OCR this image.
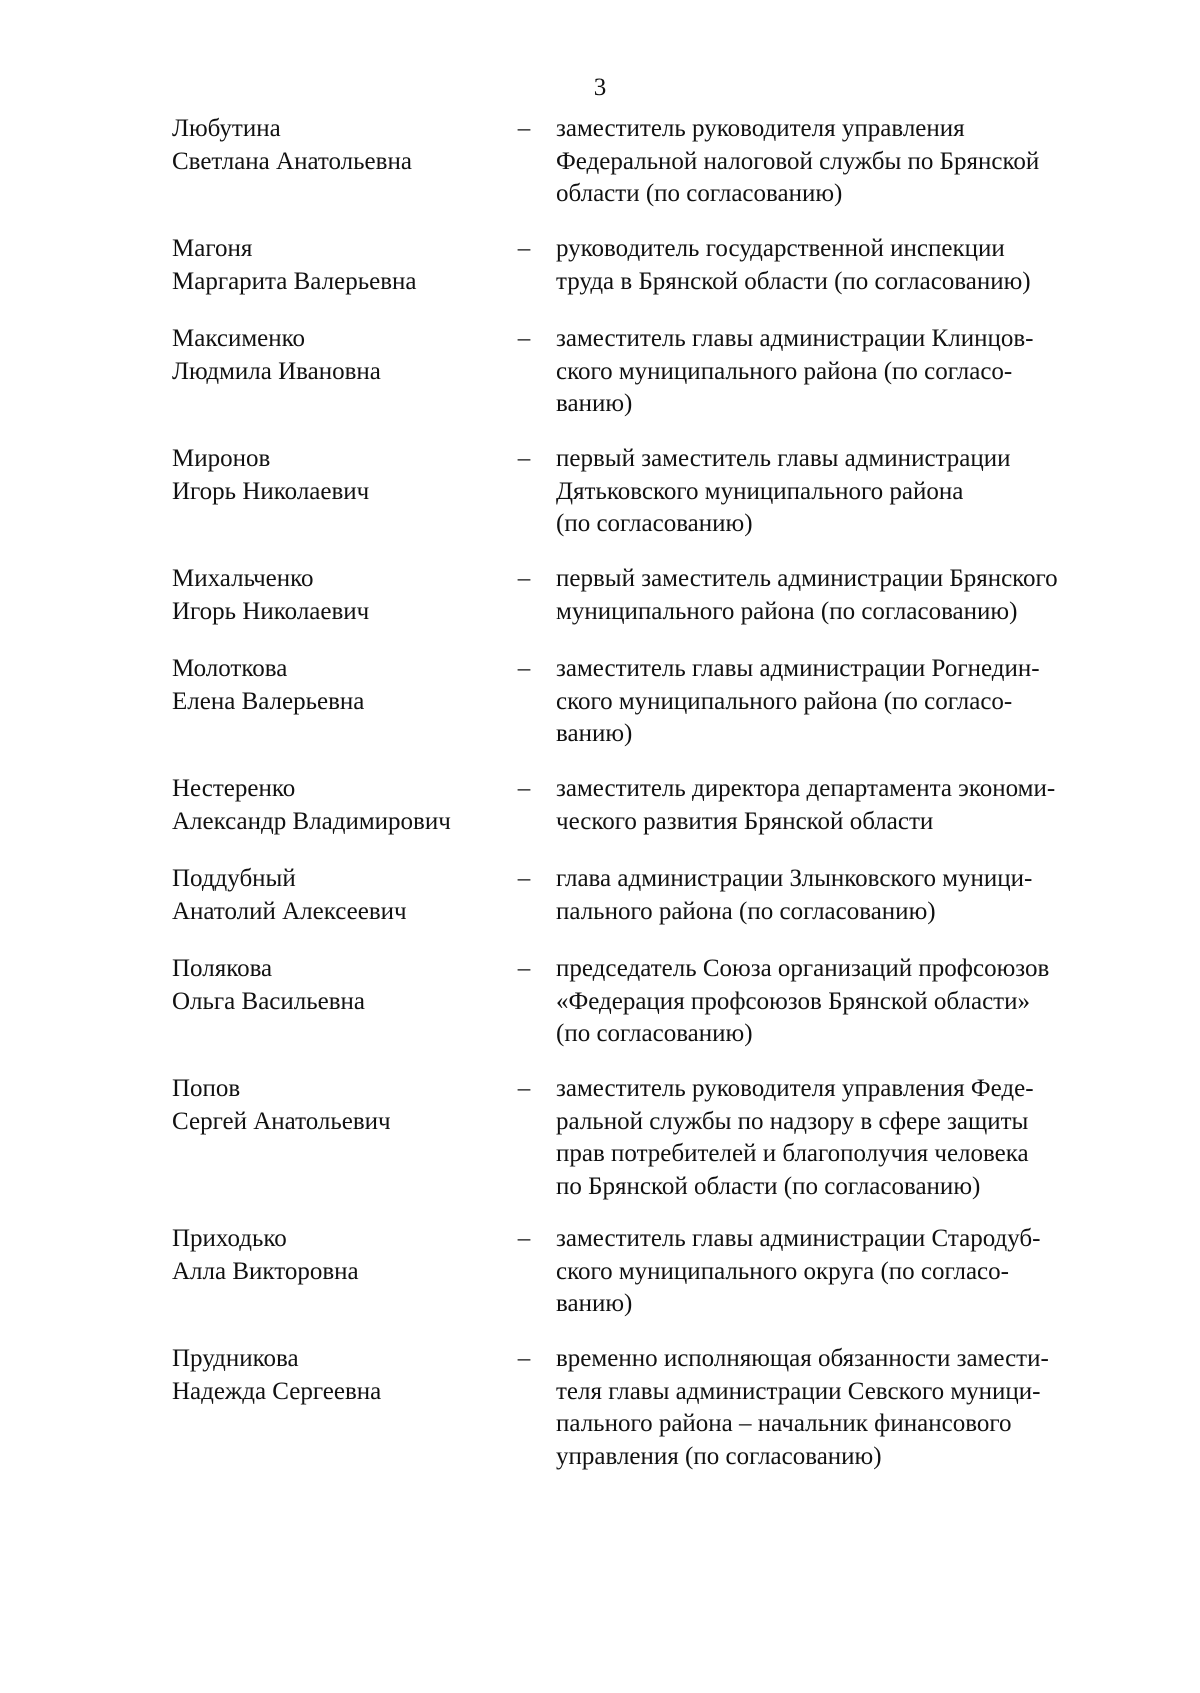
3
Любутина
Светлана Анатольевна
– заместитель руководителя управления
Федеральной налоговой службы по Брянской
области (по согласованию)
Магоня
Маргарита Валерьевна
– руководитель государственной инспекции
труда в Брянской области (по согласованию)
Максименко
Людмила Ивановна
– заместитель главы администрации Клинцов-
ского муниципального района (по согласо-
ванию)
Миронов
Игорь Николаевич
– первый заместитель главы администрации
Дятьковского муниципального района
(по согласованию)
Михальченко
Игорь Николаевич
– первый заместитель администрации Брянского
муниципального района (по согласованию)
Молоткова
Елена Валерьевна
– заместитель главы администрации Рогнедин-
ского муниципального района (по согласо-
ванию)
Нестеренко
Александр Владимирович
– заместитель директора департамента экономи-
ческого развития Брянской области
Поддубный
Анатолий Алексеевич
– глава администрации Злынковского муници-
пального района (по согласованию)
Полякова
Ольга Васильевна
– председатель Союза организаций профсоюзов
«Федерация профсоюзов Брянской области»
(по согласованию)
Попов
Сергей Анатольевич
– заместитель руководителя управления Феде-
ральной службы по надзору в сфере защиты
прав потребителей и благополучия человека
по Брянской области (по согласованию)
Приходько
Алла Викторовна
– заместитель главы администрации Стародуб-
ского муниципального округа (по согласо-
ванию)
Прудникова
Надежда Сергеевна
– временно исполняющая обязанности замести-
теля главы администрации Севского муници-
пального района – начальник финансового
управления (по согласованию)
